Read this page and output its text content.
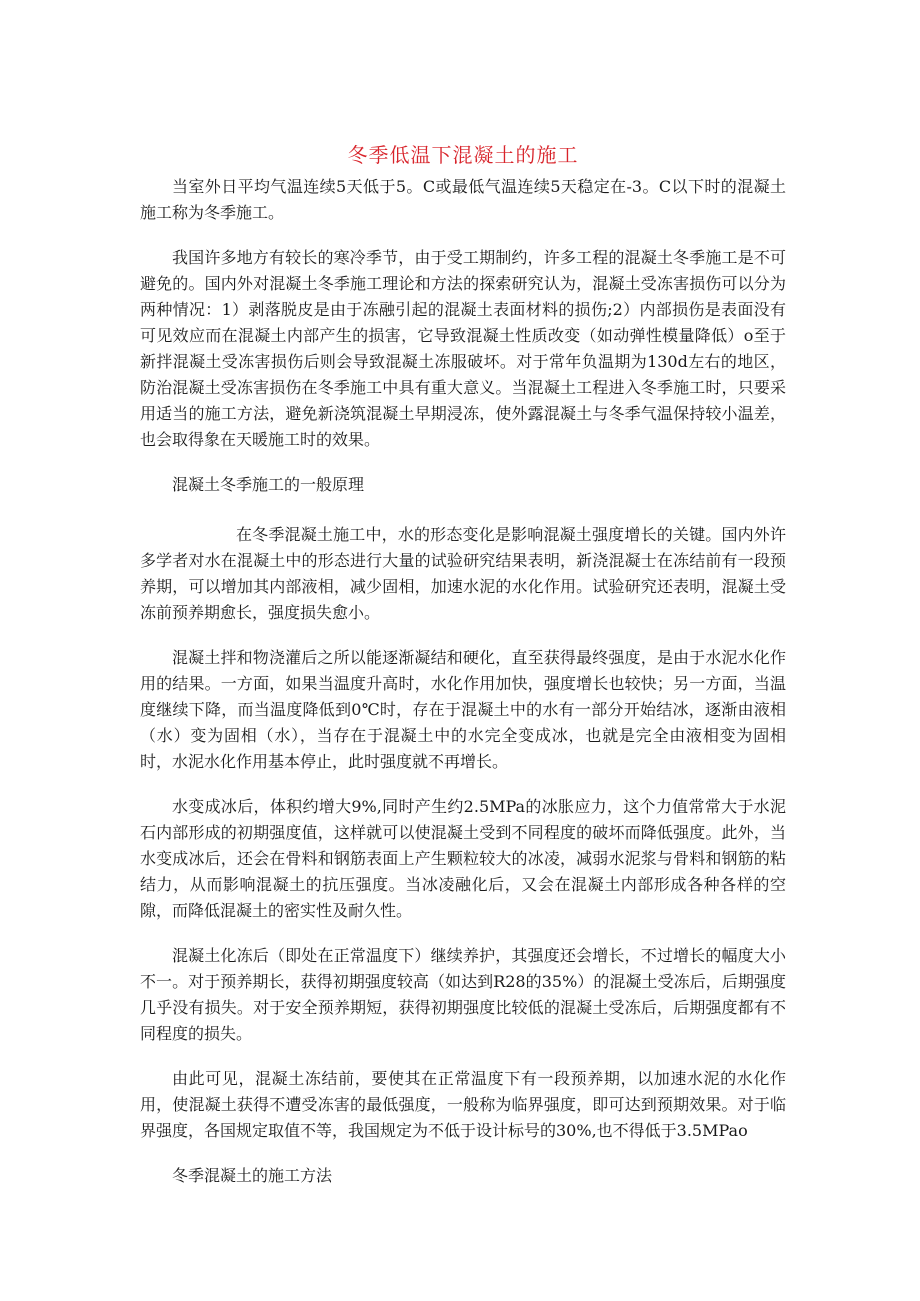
冬季低温下混凝土的施工

当室外日平均气温连续5天低于5。C或最低气温连续5天稳定在-3。C以下时的混凝土施工称为冬季施工。

我国许多地方有较长的寒冷季节，由于受工期制约，许多工程的混凝土冬季施工是不可避免的。国内外对混凝土冬季施工理论和方法的探索研究认为，混凝土受冻害损伤可以分为两种情况：1）剥落脱皮是由于冻融引起的混凝土表面材料的损伤;2）内部损伤是表面没有可见效应而在混凝土内部产生的损害，它导致混凝土性质改变（如动弹性模量降低）o至于新拌混凝土受冻害损伤后则会导致混凝土冻服破坏。对于常年负温期为130d左右的地区，防治混凝土受冻害损伤在冬季施工中具有重大意义。当混凝土工程进入冬季施工时，只要采用适当的施工方法，避免新浇筑混凝土早期浸冻，使外露混凝土与冬季气温保持较小温差，也会取得象在天暖施工时的效果。

混凝土冬季施工的一般原理

在冬季混凝土施工中，水的形态变化是影响混凝土强度增长的关键。国内外许多学者对水在混凝土中的形态进行大量的试验研究结果表明，新浇混凝士在冻结前有一段预养期，可以增加其内部液相，减少固相，加速水泥的水化作用。试验研究还表明，混凝土受冻前预养期愈长，强度损失愈小。

混凝土拌和物浇灌后之所以能逐渐凝结和硬化，直至获得最终强度，是由于水泥水化作用的结果。一方面，如果当温度升高时，水化作用加快，强度增长也较快；另一方面，当温度继续下降，而当温度降低到0℃时，存在于混凝土中的水有一部分开始结冰，逐渐由液相（水）变为固相（水），当存在于混凝土中的水完全变成冰，也就是完全由液相变为固相时，水泥水化作用基本停止，此时强度就不再增长。

水变成冰后，体积约增大9%,同时产生约2.5MPa的冰胀应力，这个力值常常大于水泥石内部形成的初期强度值，这样就可以使混凝土受到不同程度的破坏而降低强度。此外，当水变成冰后，还会在骨料和钢筋表面上产生颗粒较大的冰凌，减弱水泥浆与骨料和钢筋的粘结力，从而影响混凝土的抗压强度。当冰凌融化后，又会在混凝土内部形成各种各样的空隙，而降低混凝土的密实性及耐久性。

混凝土化冻后（即处在正常温度下）继续养护，其强度还会增长，不过增长的幅度大小不一。对于预养期长，获得初期强度较高（如达到R28的35%）的混凝土受冻后，后期强度几乎没有损失。对于安全预养期短，获得初期强度比较低的混凝土受冻后，后期强度都有不同程度的损失。

由此可见，混凝土冻结前，要使其在正常温度下有一段预养期，以加速水泥的水化作用，使混凝土获得不遭受冻害的最低强度，一般称为临界强度，即可达到预期效果。对于临界强度，各国规定取值不等，我国规定为不低于设计标号的30%,也不得低于3.5MPao

冬季混凝土的施工方法
